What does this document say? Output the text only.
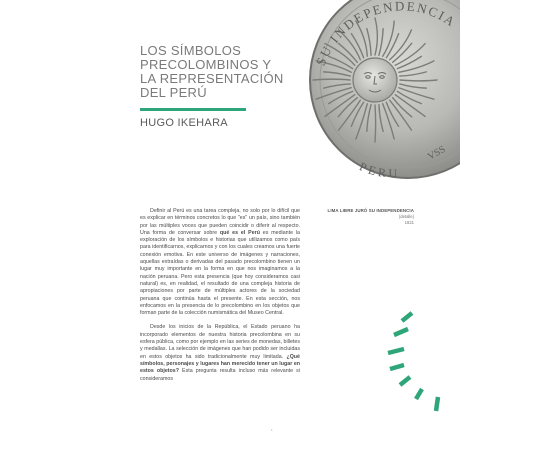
SU INDEPENDENCIA
PERU
VSS
LOS SÍMBOLOS
PRECOLOMBINOS Y
LA REPRESENTACIÓN
DEL PERÚ
HUGO IKEHARA
LIMA LIBRE JURÓ SU INDEPENDENCIA
(detalle)
1821

Definir al Perú es una tarea compleja, no solo por lo difícil que es explicar en términos concretos lo que "es" un país, sino también por las múltiples voces que pueden coincidir o diferir al respecto. Una forma de conversar sobre qué es el Perú es mediante la exploración de los símbolos e historias que utilizamos como país para identificarnos, explicarnos y con los cuales creamos una fuerte conexión emotiva. En este universo de imágenes y narraciones, aquellas extraídas o derivadas del pasado precolombino tienen un lugar muy importante en la forma en que nos imaginamos a la nación peruana. Pero esta presencia (que hoy consideramos casi natural) es, en realidad, el resultado de una compleja historia de apropiaciones por parte de múltiples actores de la sociedad peruana que continúa hasta el presente. En esta sección, nos enfocamos en la presencia de lo precolombino en los objetos que forman parte de la colección numismática del Museo Central.

Desde los inicios de la República, el Estado peruano ha incorporado elementos de nuestra historia precolombina en su esfera pública, como por ejemplo en las series de monedas, billetes y medallas. La selección de imágenes que han podido ser incluidas en estos objetos ha sido tradicionalmente muy limitada. ¿Qué símbolos, personajes y lugares han merecido tener un lugar en estos objetos? Esta pregunta resulta incluso más relevante si consideramos

1
